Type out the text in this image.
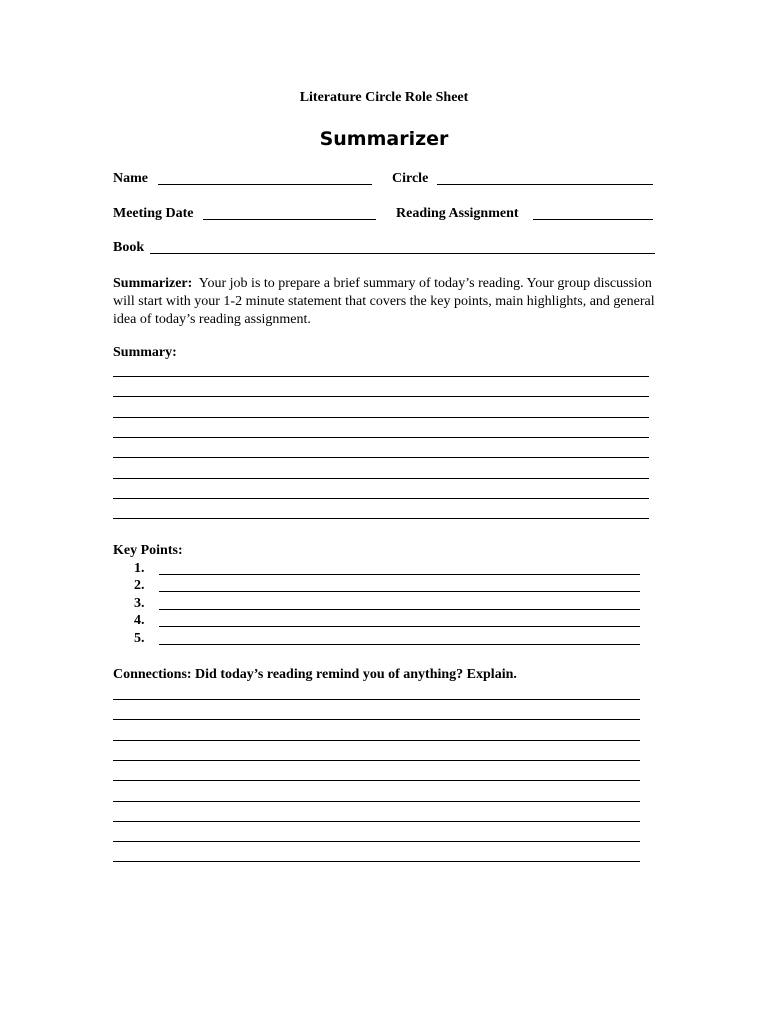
Literature Circle Role Sheet
Summarizer
Name	Circle
Meeting Date	Reading Assignment
Book
Summarizer: Your job is to prepare a brief summary of today’s reading. Your group discussion will start with your 1-2 minute statement that covers the key points, main highlights, and general idea of today’s reading assignment.
Summary:
Key Points:
1.
2.
3.
4.
5.
Connections: Did today’s reading remind you of anything? Explain.
